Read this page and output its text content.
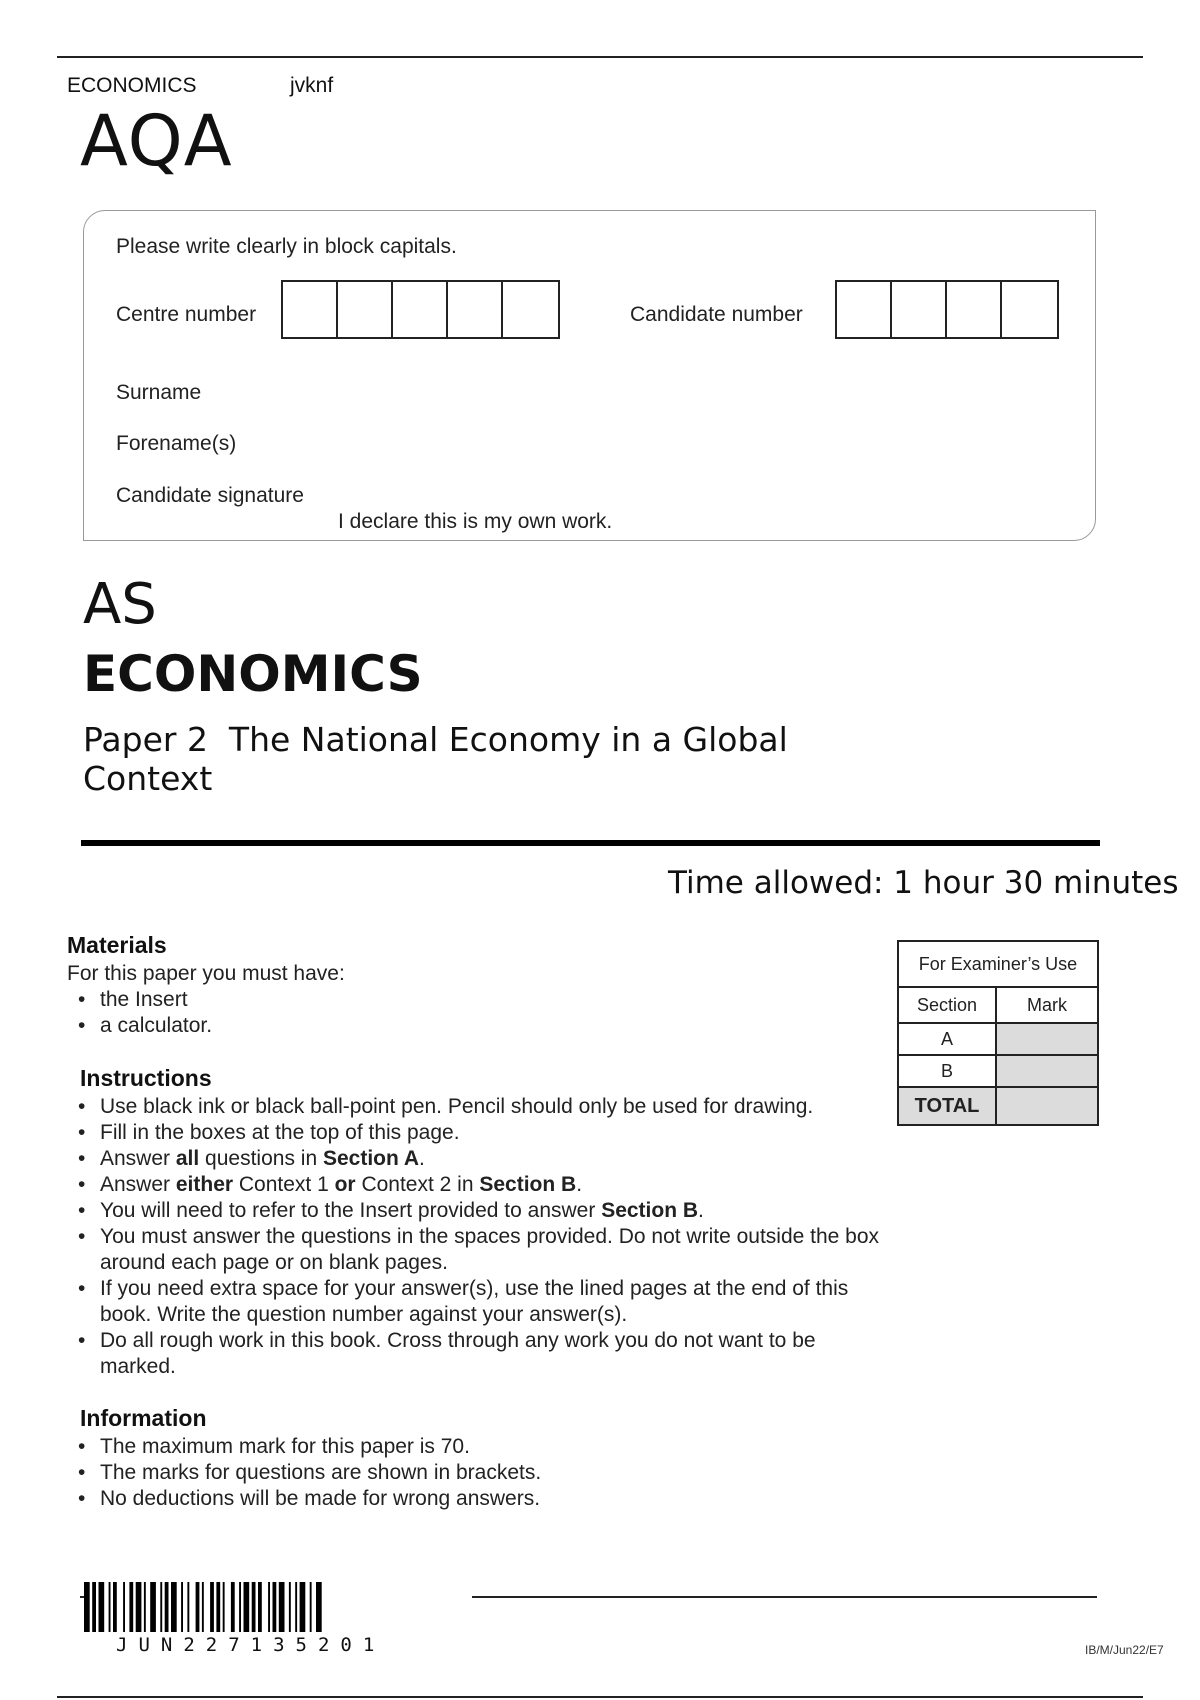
ECONOMICS	jvknf
AQA
Please write clearly in block capitals.
Centre number	Candidate number
Surname
Forename(s)
Candidate signature
I declare this is my own work.
AS
ECONOMICS
Paper 2  The National Economy in a Global
Context
Time allowed: 1 hour 30 minutes
Materials
For this paper you must have:
• the Insert
• a calculator.
Instructions
• Use black ink or black ball-point pen. Pencil should only be used for drawing.
• Fill in the boxes at the top of this page.
• Answer all questions in Section A.
• Answer either Context 1 or Context 2 in Section B.
• You will need to refer to the Insert provided to answer Section B.
• You must answer the questions in the spaces provided. Do not write outside the box around each page or on blank pages.
• If you need extra space for your answer(s), use the lined pages at the end of this book. Write the question number against your answer(s).
• Do all rough work in this book. Cross through any work you do not want to be marked.
Information
• The maximum mark for this paper is 70.
• The marks for questions are shown in brackets.
• No deductions will be made for wrong answers.
For Examiner’s Use	
Section	Mark
A	
B	
TOTAL	
JUN227135201	IB/M/Jun22/E7
